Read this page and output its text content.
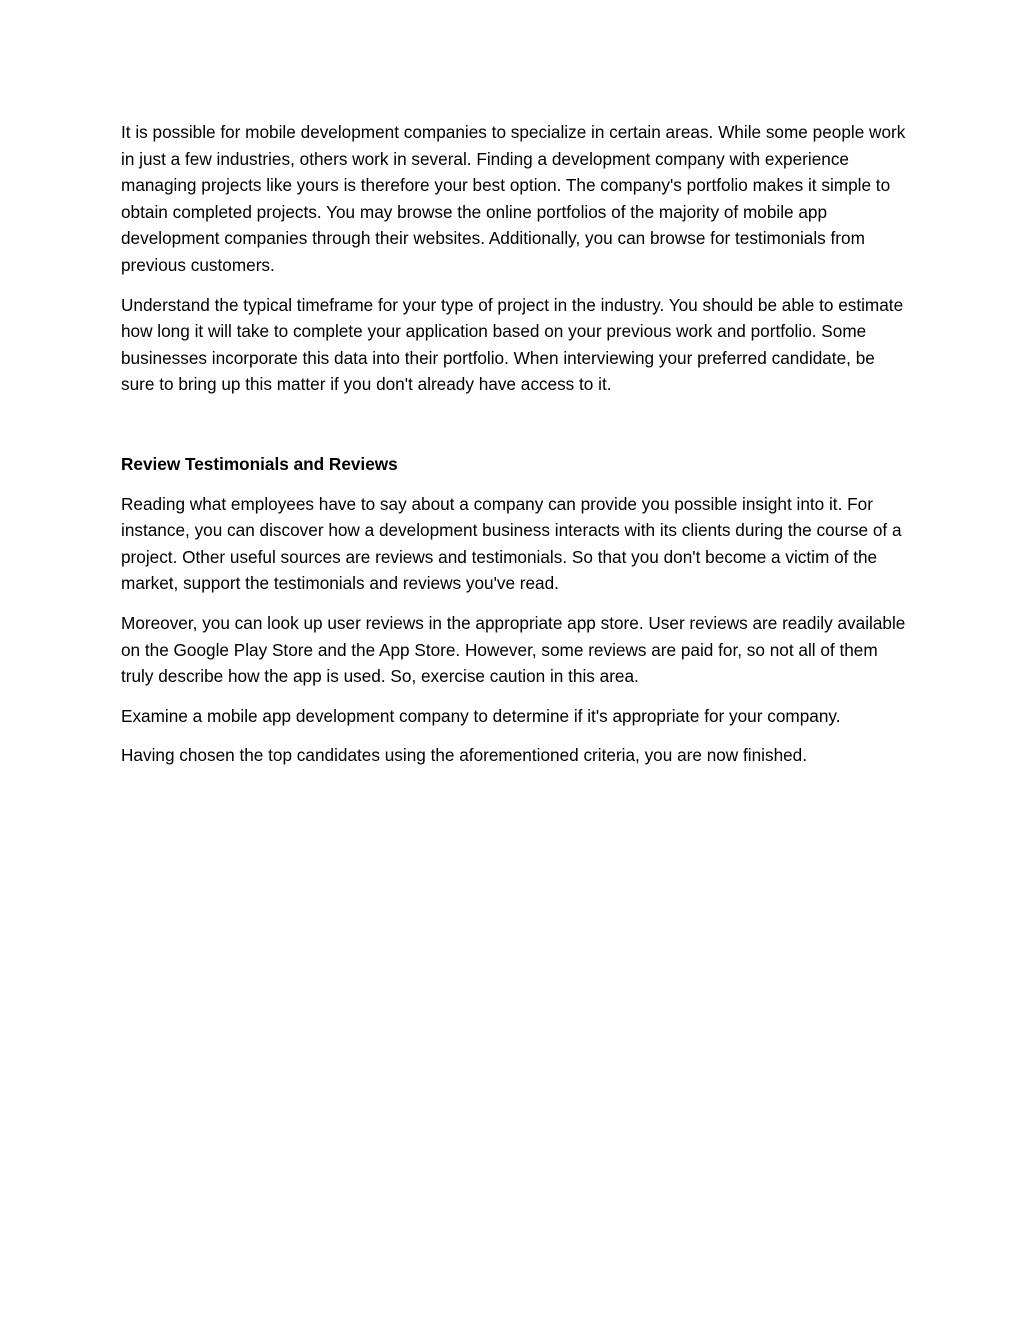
It is possible for mobile development companies to specialize in certain areas. While some people work in just a few industries, others work in several. Finding a development company with experience managing projects like yours is therefore your best option. The company's portfolio makes it simple to obtain completed projects. You may browse the online portfolios of the majority of mobile app development companies through their websites. Additionally, you can browse for testimonials from previous customers.

Understand the typical timeframe for your type of project in the industry. You should be able to estimate how long it will take to complete your application based on your previous work and portfolio. Some businesses incorporate this data into their portfolio. When interviewing your preferred candidate, be sure to bring up this matter if you don't already have access to it.

Review Testimonials and Reviews

Reading what employees have to say about a company can provide you possible insight into it. For instance, you can discover how a development business interacts with its clients during the course of a project. Other useful sources are reviews and testimonials. So that you don't become a victim of the market, support the testimonials and reviews you've read.

Moreover, you can look up user reviews in the appropriate app store. User reviews are readily available on the Google Play Store and the App Store. However, some reviews are paid for, so not all of them truly describe how the app is used. So, exercise caution in this area.

Examine a mobile app development company to determine if it's appropriate for your company.

Having chosen the top candidates using the aforementioned criteria, you are now finished.
